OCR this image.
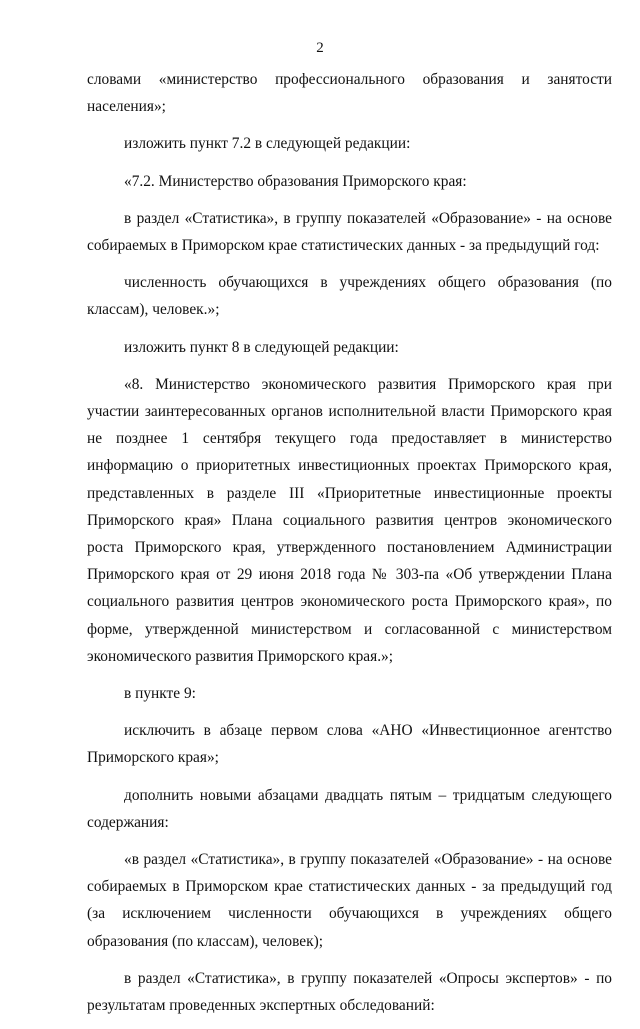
2

словами «министерство профессионального образования и занятости населения»;

изложить пункт 7.2 в следующей редакции:

«7.2. Министерство образования Приморского края:

в раздел «Статистика», в группу показателей «Образование» - на основе собираемых в Приморском крае статистических данных - за предыдущий год:

численность обучающихся в учреждениях общего образования (по классам), человек.»;

изложить пункт 8 в следующей редакции:

«8. Министерство экономического развития Приморского края при участии заинтересованных органов исполнительной власти Приморского края не позднее 1 сентября текущего года предоставляет в министерство информацию о приоритетных инвестиционных проектах Приморского края, представленных в разделе III «Приоритетные инвестиционные проекты Приморского края» Плана социального развития центров экономического роста Приморского края, утвержденного постановлением Администрации Приморского края от 29 июня 2018 года № 303-па «Об утверждении Плана социального развития центров экономического роста Приморского края», по форме, утвержденной министерством и согласованной с министерством экономического развития Приморского края.»;

в пункте 9:

исключить в абзаце первом слова «АНО «Инвестиционное агентство Приморского края»;

дополнить новыми абзацами двадцать пятым – тридцатым следующего содержания:

«в раздел «Статистика», в группу показателей «Образование» - на основе собираемых в Приморском крае статистических данных - за предыдущий год (за исключением численности обучающихся в учреждениях общего образования (по классам), человек);

в раздел «Статистика», в группу показателей «Опросы экспертов» - по результатам проведенных экспертных обследований:
